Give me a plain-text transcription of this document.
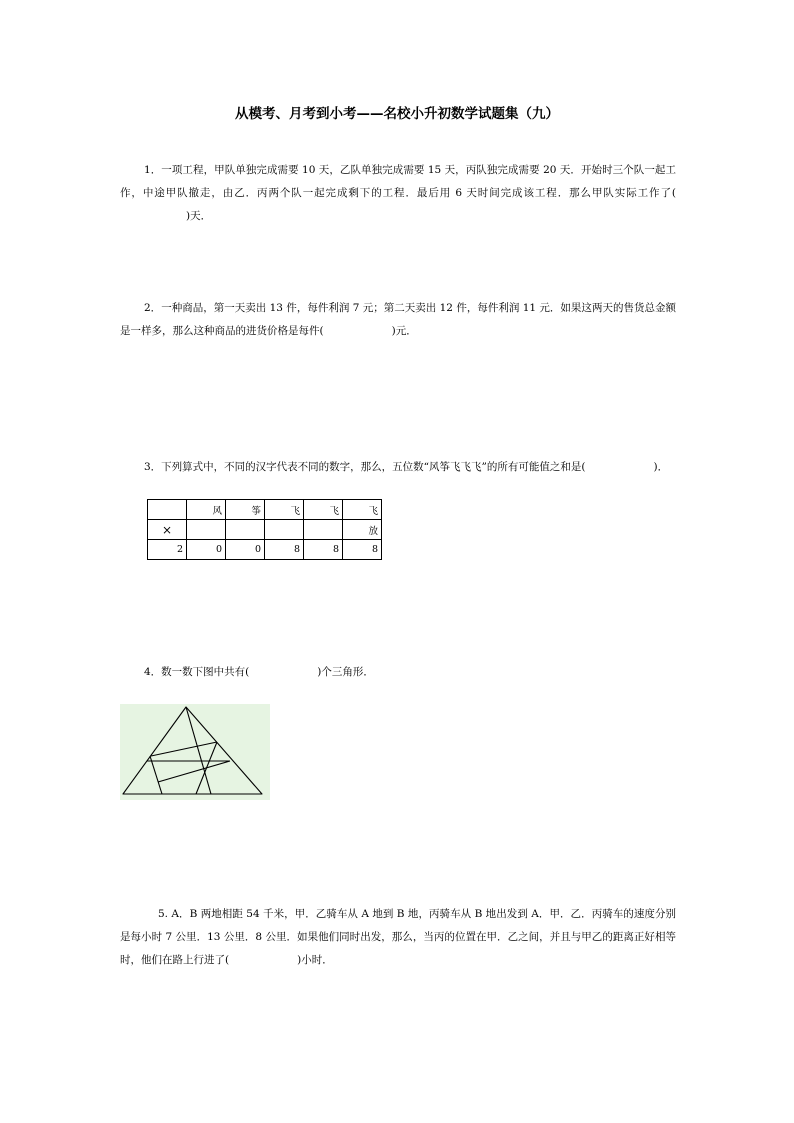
从模考、月考到小考——名校小升初数学试题集（九）
1．一项工程，甲队单独完成需要 10 天，乙队单独完成需要 15 天，丙队独完成需要 20 天．开始时三个队一起工作，中途甲队撤走，由乙．丙两个队一起完成剩下的工程．最后用 6 天时间完成该工程．那么甲队实际工作了()天．
2．一种商品，第一天卖出 13 件，每件利润 7 元；第二天卖出 12 件，每件利润 11 元．如果这两天的售货总金额是一样多，那么这种商品的进货价格是每件(	)元．
3．下列算式中，不同的汉字代表不同的数字，那么，五位数“风筝飞飞飞”的所有可能值之和是(	)．
	风	筝	飞	飞	飞
×					放
2	0	0	8	8	8
4．数一数下图中共有(	)个三角形．
5. A．B 两地相距 54 千米，甲．乙骑车从 A 地到 B 地，丙骑车从 B 地出发到 A．甲．乙．丙骑车的速度分别是每小时 7 公里．13 公里．8 公里．如果他们同时出发，那么，当丙的位置在甲．乙之间，并且与甲乙的距离正好相等时，他们在路上行进了(	)小时．
